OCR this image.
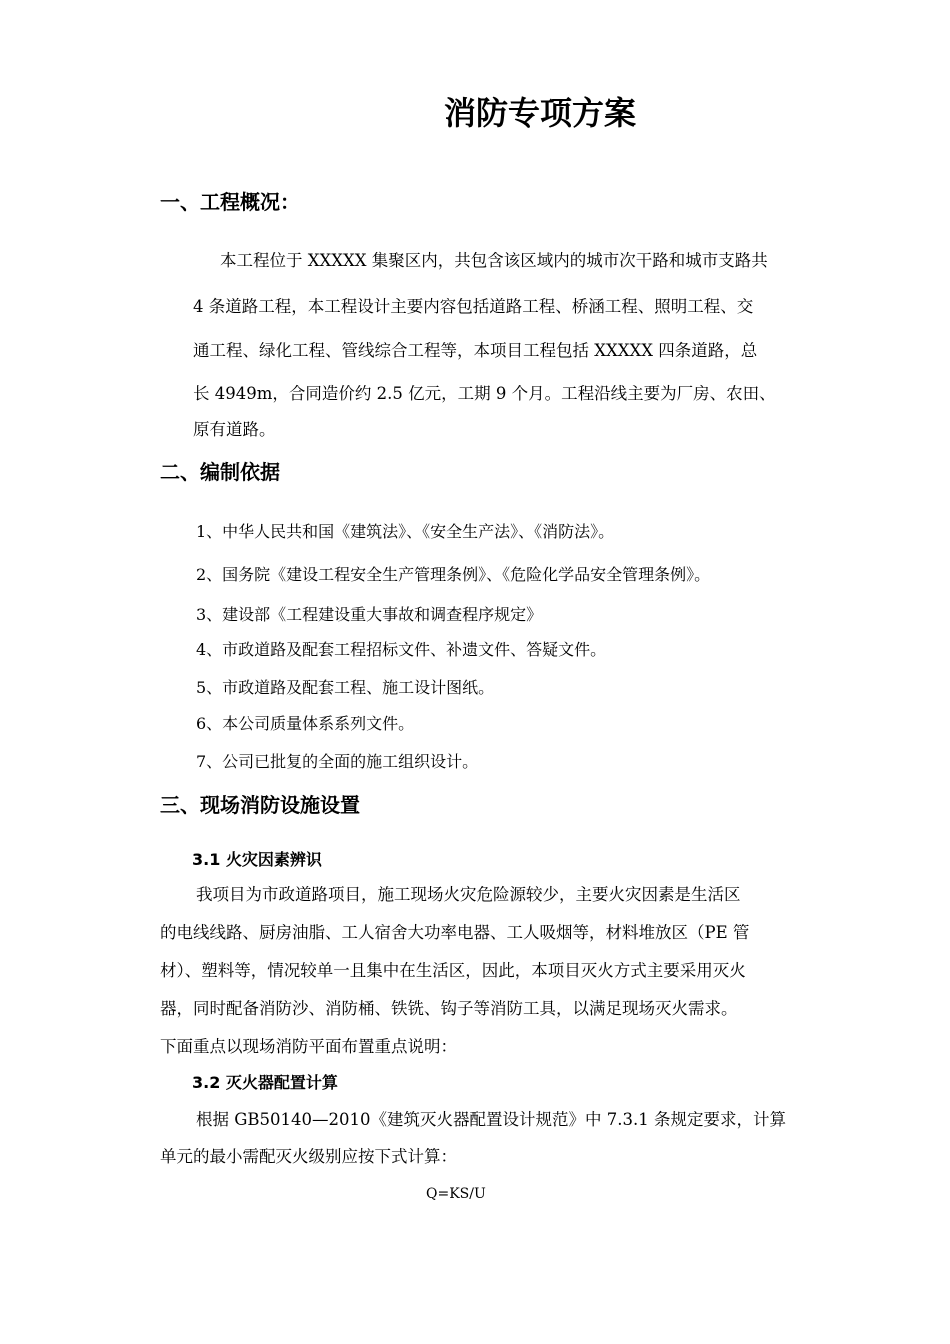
消防专项方案
一、工程概况：
本工程位于 XXXXX 集聚区内，共包含该区域内的城市次干路和城市支路共
4 条道路工程，本工程设计主要内容包括道路工程、桥涵工程、照明工程、交
通工程、绿化工程、管线综合工程等，本项目工程包括 XXXXX 四条道路，总
长 4949m，合同造价约 2.5 亿元，工期 9 个月。工程沿线主要为厂房、农田、
原有道路。
二、编制依据
1、中华人民共和国《建筑法》、《安全生产法》、《消防法》。
2、国务院《建设工程安全生产管理条例》、《危险化学品安全管理条例》。
3、建设部《工程建设重大事故和调查程序规定》
4、市政道路及配套工程招标文件、补遗文件、答疑文件。
5、市政道路及配套工程、施工设计图纸。
6、本公司质量体系系列文件。
7、公司已批复的全面的施工组织设计。
三、现场消防设施设置
3.1 火灾因素辨识
我项目为市政道路项目，施工现场火灾危险源较少，主要火灾因素是生活区
的电线线路、厨房油脂、工人宿舍大功率电器、工人吸烟等，材料堆放区（PE 管
材）、塑料等，情况较单一且集中在生活区，因此，本项目灭火方式主要采用灭火
器，同时配备消防沙、消防桶、铁铣、钩子等消防工具，以满足现场灭火需求。
下面重点以现场消防平面布置重点说明：
3.2 灭火器配置计算
根据 GB50140—2010《建筑灭火器配置设计规范》中 7.3.1 条规定要求，计算
单元的最小需配灭火级别应按下式计算：
Q=KS/U
